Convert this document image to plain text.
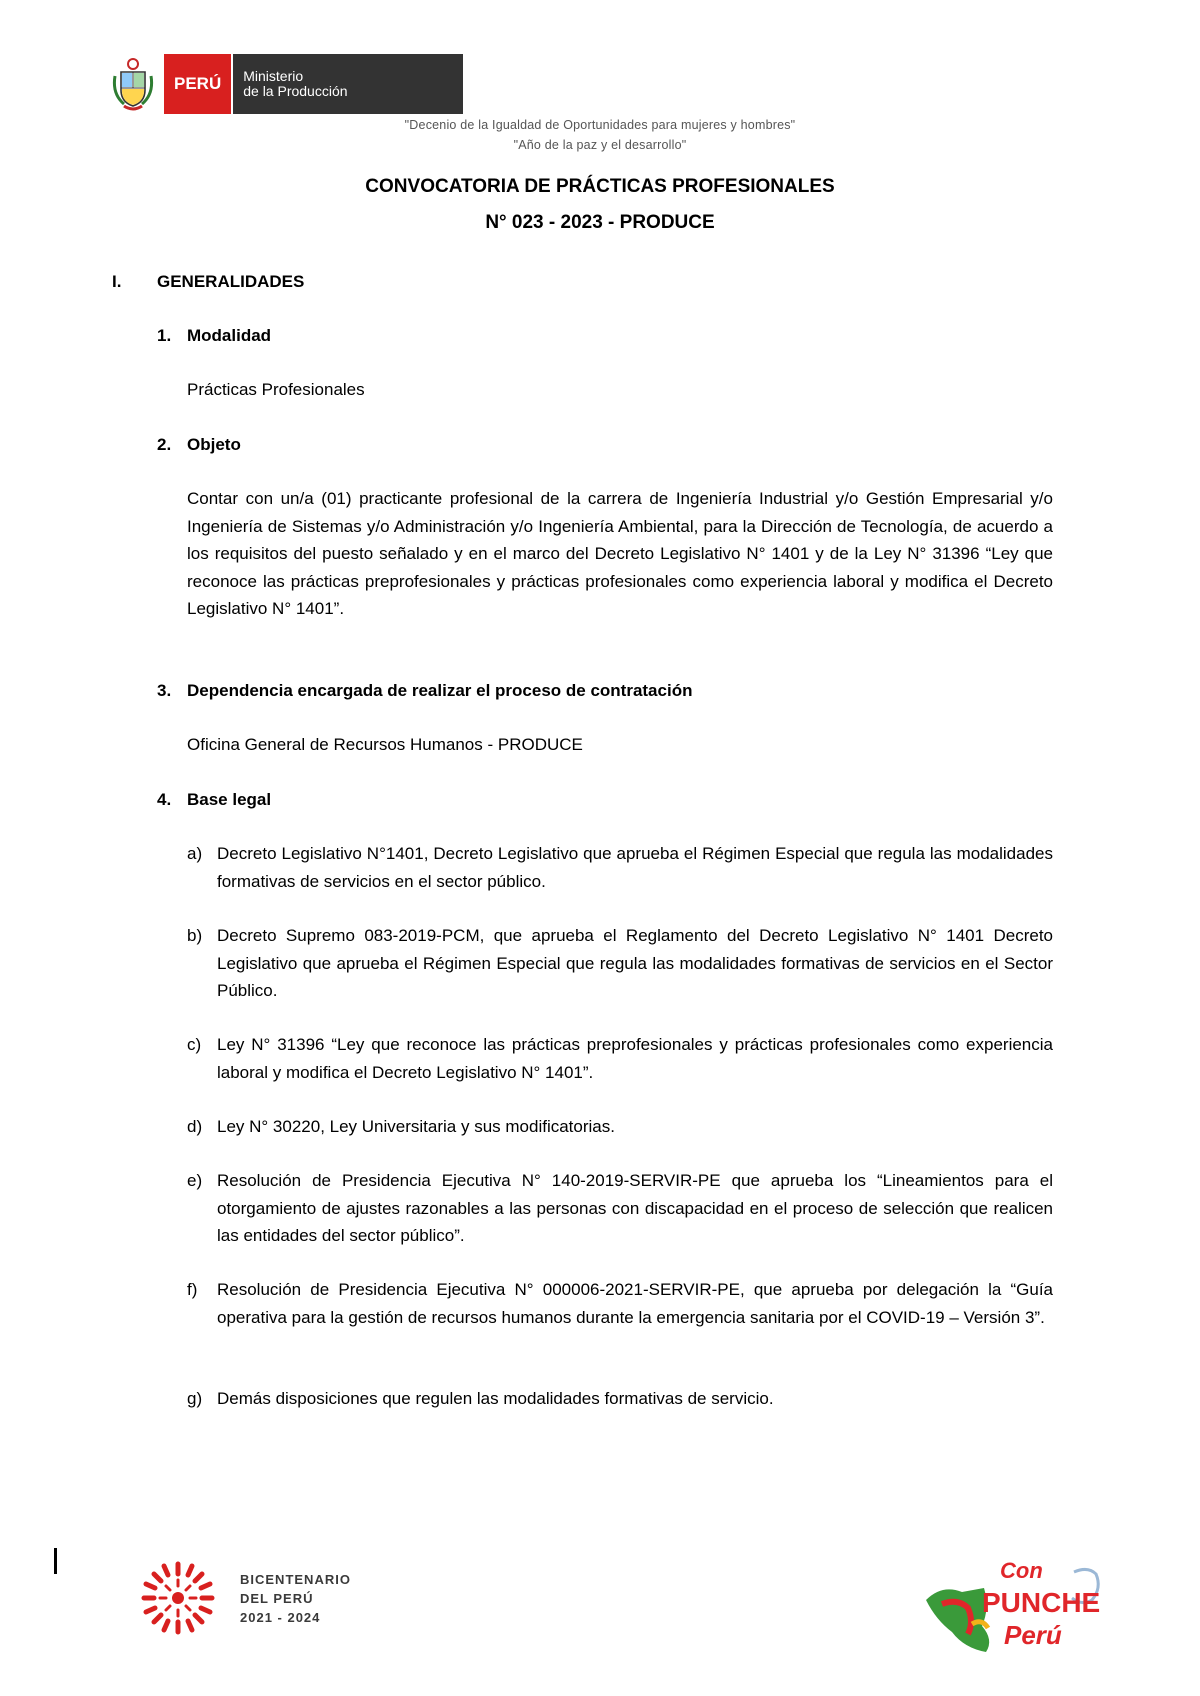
PERÚ	Ministerio
de la Producción
"Decenio de la Igualdad de Oportunidades para mujeres y hombres"
"Año de la paz y el desarrollo"
CONVOCATORIA DE PRÁCTICAS PROFESIONALES
N° 023 - 2023 - PRODUCE
I. GENERALIDADES
1. Modalidad
Prácticas Profesionales
2. Objeto
Contar con un/a (01) practicante profesional de la carrera de Ingeniería Industrial y/o Gestión Empresarial y/o Ingeniería de Sistemas y/o Administración y/o Ingeniería Ambiental, para la Dirección de Tecnología, de acuerdo a los requisitos del puesto señalado y en el marco del Decreto Legislativo N° 1401 y de la Ley N° 31396 “Ley que reconoce las prácticas preprofesionales y prácticas profesionales como experiencia laboral y modifica el Decreto Legislativo N° 1401”.
3. Dependencia encargada de realizar el proceso de contratación
Oficina General de Recursos Humanos - PRODUCE
4. Base legal
a) Decreto Legislativo N°1401, Decreto Legislativo que aprueba el Régimen Especial que regula las modalidades formativas de servicios en el sector público.
b) Decreto Supremo 083-2019-PCM, que aprueba el Reglamento del Decreto Legislativo N° 1401 Decreto Legislativo que aprueba el Régimen Especial que regula las modalidades formativas de servicios en el Sector Público.
c) Ley N° 31396 “Ley que reconoce las prácticas preprofesionales y prácticas profesionales como experiencia laboral y modifica el Decreto Legislativo N° 1401”.
d) Ley N° 30220, Ley Universitaria y sus modificatorias.
e) Resolución de Presidencia Ejecutiva N° 140-2019-SERVIR-PE que aprueba los “Lineamientos para el otorgamiento de ajustes razonables a las personas con discapacidad en el proceso de selección que realicen las entidades del sector público”.
f)	Resolución de Presidencia Ejecutiva N° 000006-2021-SERVIR-PE, que aprueba por delegación la “Guía operativa para la gestión de recursos humanos durante la emergencia sanitaria por el COVID-19 – Versión 3”.
g) Demás disposiciones que regulen las modalidades formativas de servicio.
BICENTENARIO
DEL PERÚ
2021 - 2024
Con
PUNCHE
Perú
